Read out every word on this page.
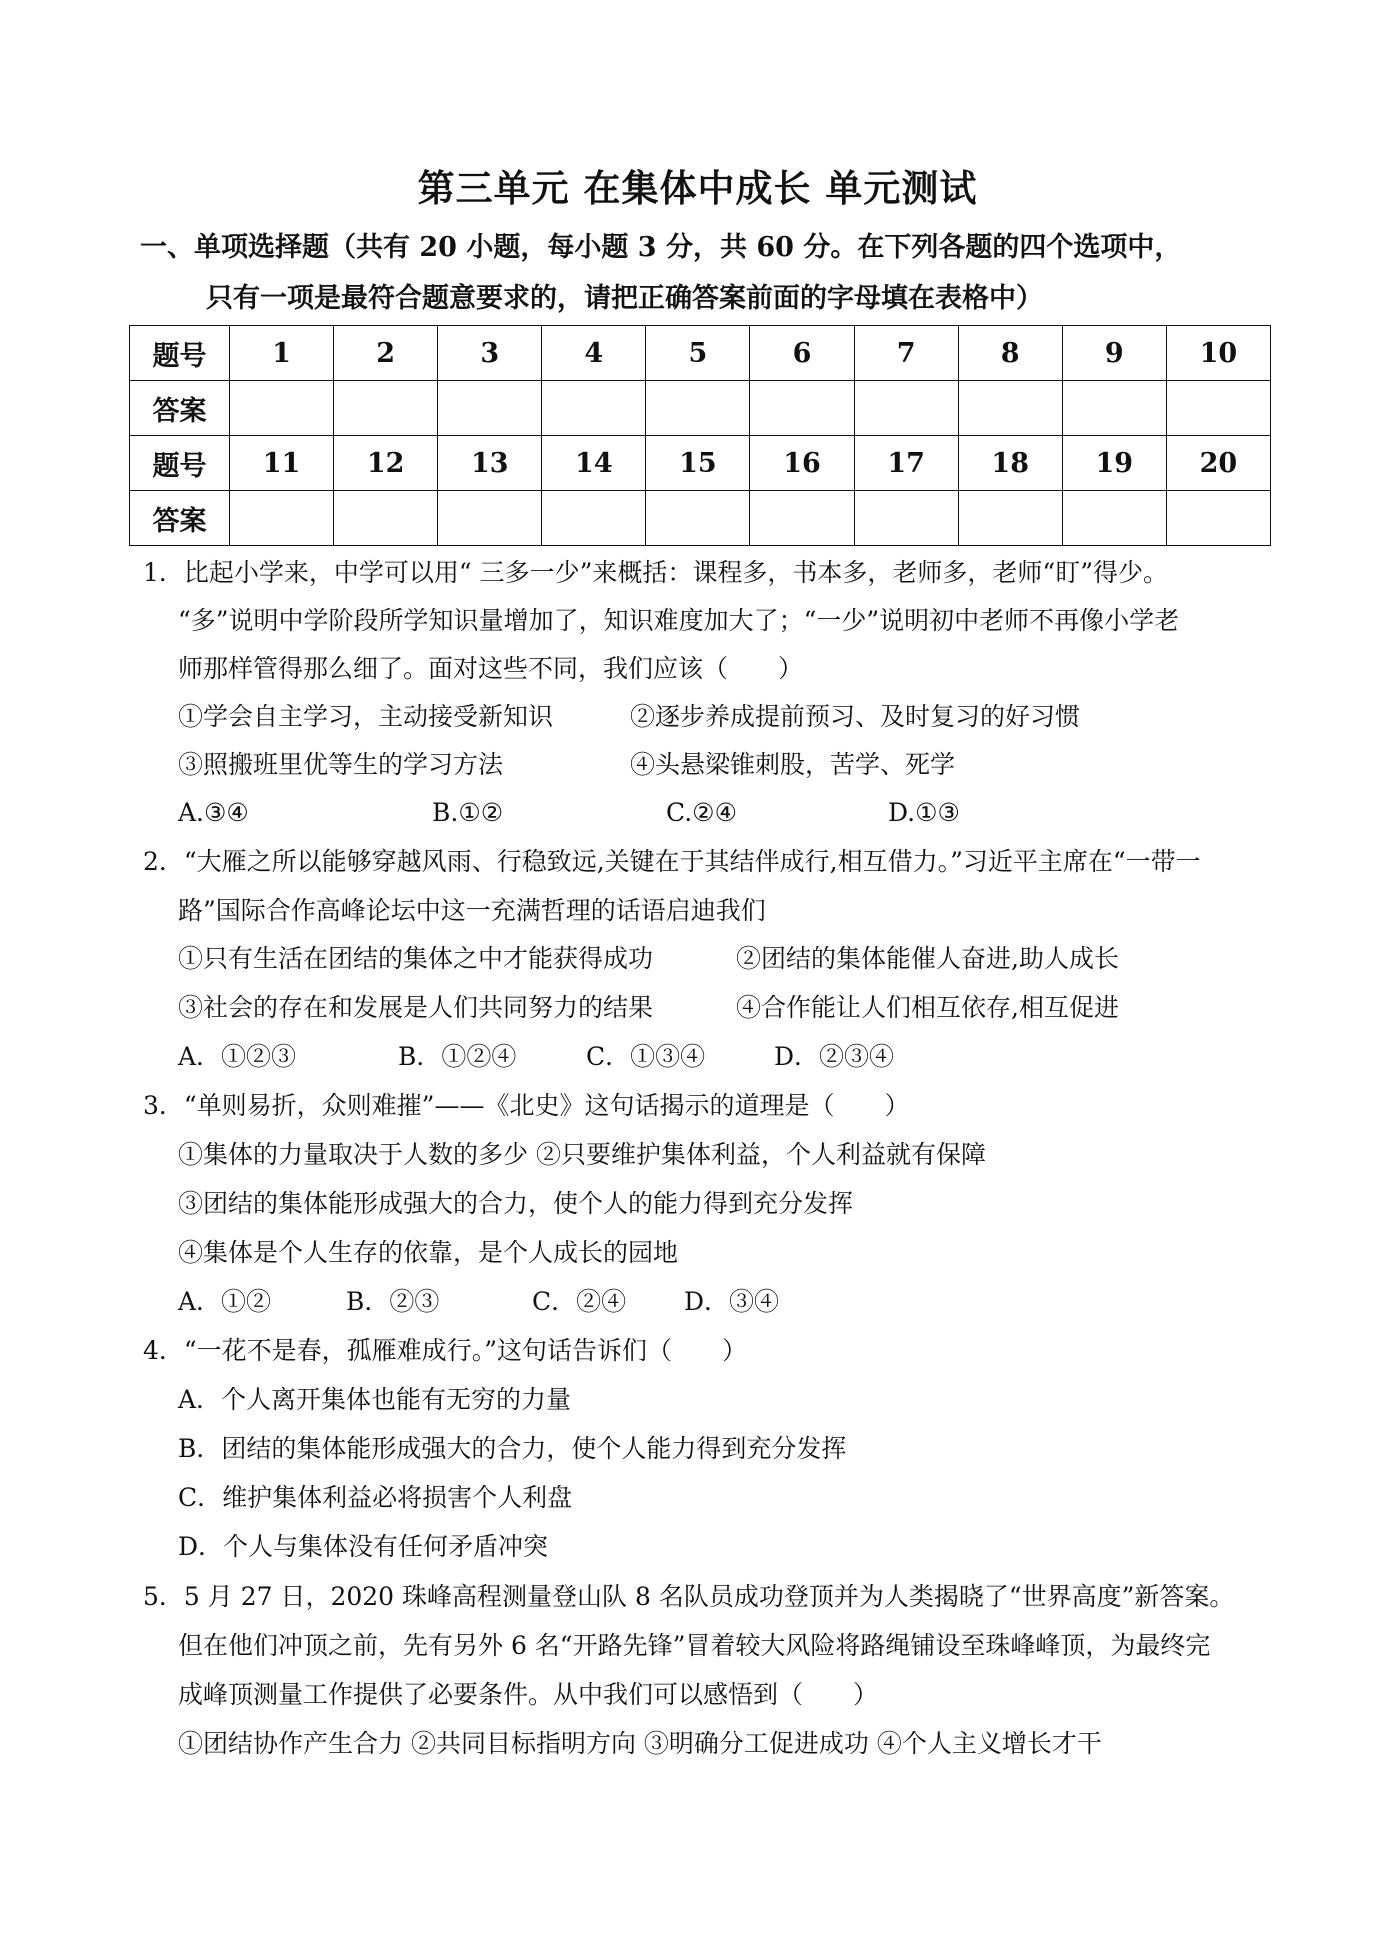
第三单元 在集体中成长 单元测试
一、单项选择题（共有 20 小题，每小题 3 分，共 60 分。在下列各题的四个选项中，
只有一项是最符合题意要求的，请把正确答案前面的字母填在表格中）
题号	1	2	3	4	5	6	7	8	9	10
答案										
题号	11	12	13	14	15	16	17	18	19	20
答案										
1．比起小学来，中学可以用“ 三多一少”来概括：课程多，书本多，老师多，老师“盯”得少。
“多”说明中学阶段所学知识量增加了，知识难度加大了；“一少”说明初中老师不再像小学老
师那样管得那么细了。面对这些不同，我们应该（　　）
①学会自主学习，主动接受新知识	②逐步养成提前预习、及时复习的好习惯
③照搬班里优等生的学习方法	④头悬梁锥刺股，苦学、死学
A.③④	B.①②	C.②④	D.①③
2．“大雁之所以能够穿越风雨、行稳致远,关键在于其结伴成行,相互借力。”习近平主席在“一带一
路”国际合作高峰论坛中这一充满哲理的话语启迪我们
①只有生活在团结的集体之中才能获得成功	②团结的集体能催人奋进,助人成长
③社会的存在和发展是人们共同努力的结果	④合作能让人们相互依存,相互促进
A．①②③	B．①②④	C．①③④	D．②③④
3．“单则易折，众则难摧”——《北史》这句话揭示的道理是（　　）
①集体的力量取决于人数的多少 ②只要维护集体利益，个人利益就有保障
③团结的集体能形成强大的合力，使个人的能力得到充分发挥
④集体是个人生存的依靠，是个人成长的园地
A．①②	B．②③	C．②④ D．③④
4．“一花不是春，孤雁难成行。”这句话告诉们（　　）
A．个人离开集体也能有无穷的力量
B．团结的集体能形成强大的合力，使个人能力得到充分发挥
C．维护集体利益必将损害个人利盘
D．个人与集体没有任何矛盾冲突
5．5 月 27 日，2020 珠峰高程测量登山队 8 名队员成功登顶并为人类揭晓了“世界高度”新答案。
但在他们冲顶之前，先有另外 6 名“开路先锋”冒着较大风险将路绳铺设至珠峰峰顶，为最终完
成峰顶测量工作提供了必要条件。从中我们可以感悟到（　　）
①团结协作产生合力 ②共同目标指明方向 ③明确分工促进成功 ④个人主义增长才干
